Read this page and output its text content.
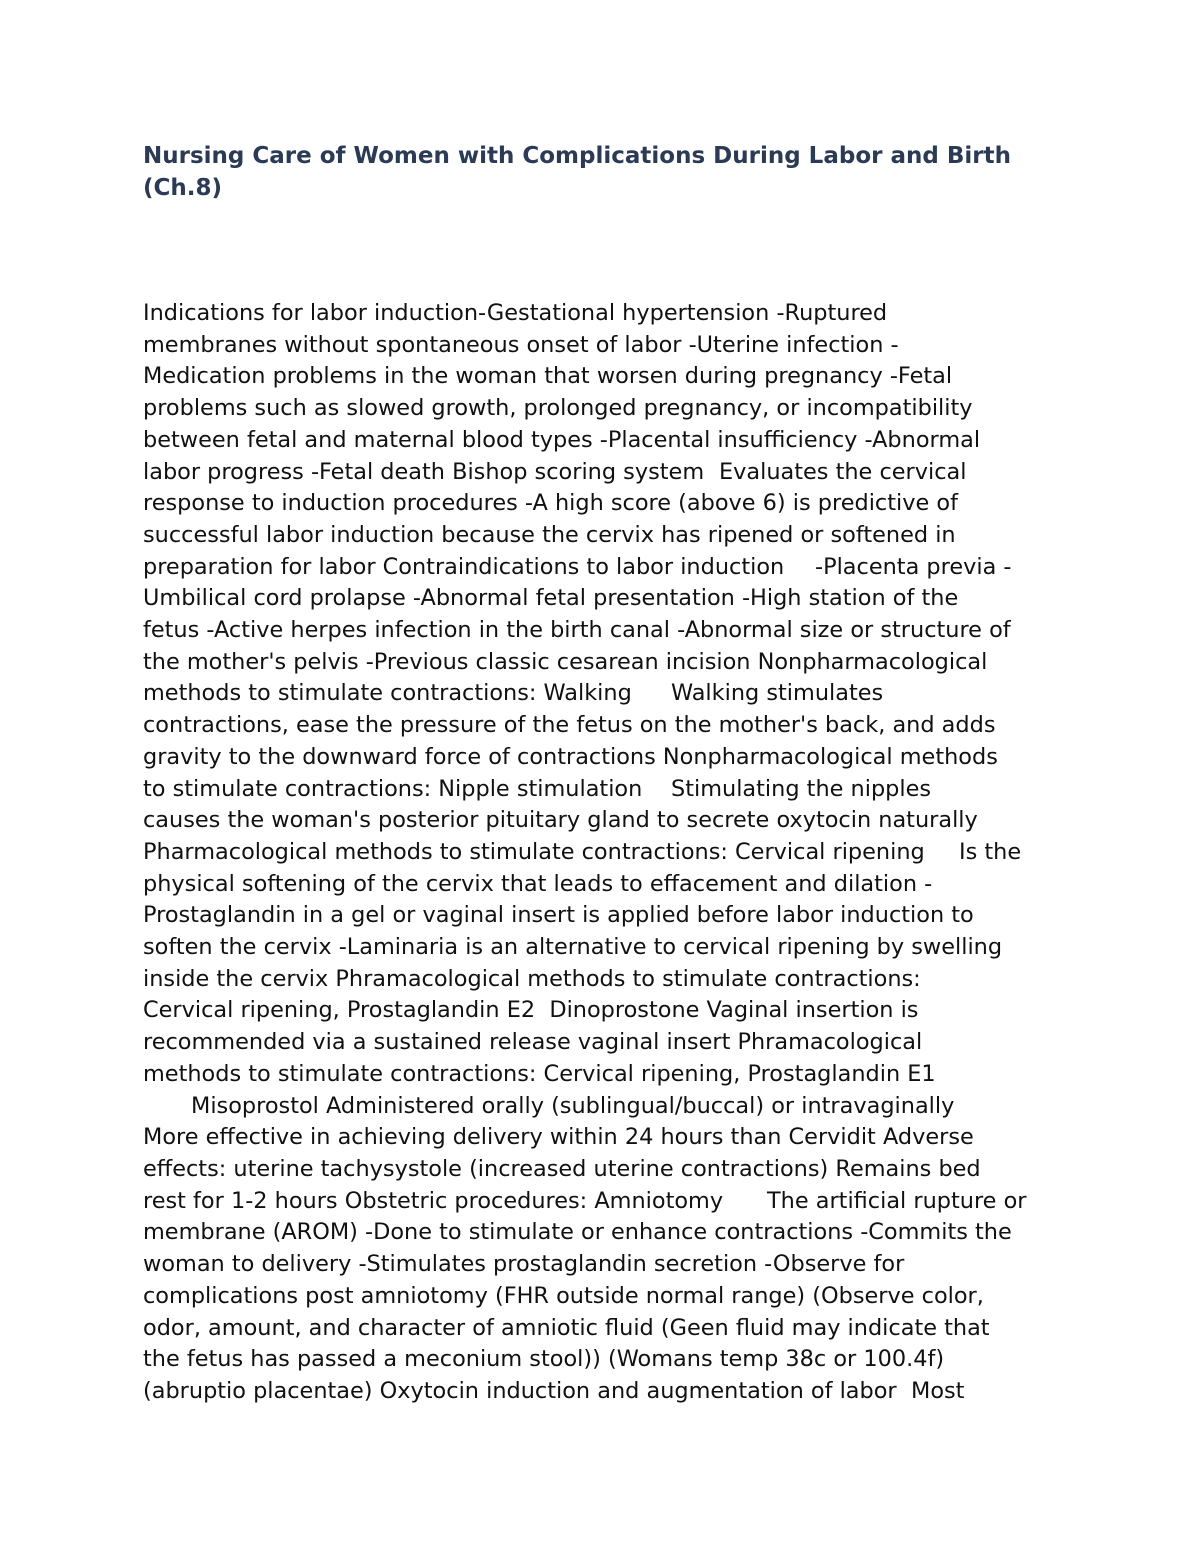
Nursing Care of Women with Complications During Labor and Birth
(Ch.8)
Indications for labor induction-Gestational hypertension -Ruptured
membranes without spontaneous onset of labor -Uterine infection -
Medication problems in the woman that worsen during pregnancy -Fetal
problems such as slowed growth, prolonged pregnancy, or incompatibility
between fetal and maternal blood types -Placental insufficiency -Abnormal
labor progress -Fetal death Bishop scoring system	Evaluates the cervical
response to induction procedures -A high score (above 6) is predictive of
successful labor induction because the cervix has ripened or softened in
preparation for labor Contraindications to labor induction	-Placenta previa -
Umbilical cord prolapse -Abnormal fetal presentation -High station of the
fetus -Active herpes infection in the birth canal -Abnormal size or structure of
the mother's pelvis -Previous classic cesarean incision Nonpharmacological
methods to stimulate contractions: Walking	Walking stimulates
contractions, ease the pressure of the fetus on the mother's back, and adds
gravity to the downward force of contractions Nonpharmacological methods
to stimulate contractions: Nipple stimulation	Stimulating the nipples
causes the woman's posterior pituitary gland to secrete oxytocin naturally
Pharmacological methods to stimulate contractions: Cervical ripening	Is the
physical softening of the cervix that leads to effacement and dilation -
Prostaglandin in a gel or vaginal insert is applied before labor induction to
soften the cervix -Laminaria is an alternative to cervical ripening by swelling
inside the cervix Phramacological methods to stimulate contractions:
Cervical ripening, Prostaglandin E2  Dinoprostone Vaginal insertion is
recommended via a sustained release vaginal insert Phramacological
methods to stimulate contractions: Cervical ripening, Prostaglandin E1
	Misoprostol Administered orally (sublingual/buccal) or intravaginally
More effective in achieving delivery within 24 hours than Cervidit Adverse
effects: uterine tachysystole (increased uterine contractions) Remains bed
rest for 1-2 hours Obstetric procedures: Amniotomy	The artificial rupture or
membrane (AROM) -Done to stimulate or enhance contractions -Commits the
woman to delivery -Stimulates prostaglandin secretion -Observe for
complications post amniotomy (FHR outside normal range) (Observe color,
odor, amount, and character of amniotic fluid (Geen fluid may indicate that
the fetus has passed a meconium stool)) (Womans temp 38c or 100.4f)
(abruptio placentae) Oxytocin induction and augmentation of labor	Most
